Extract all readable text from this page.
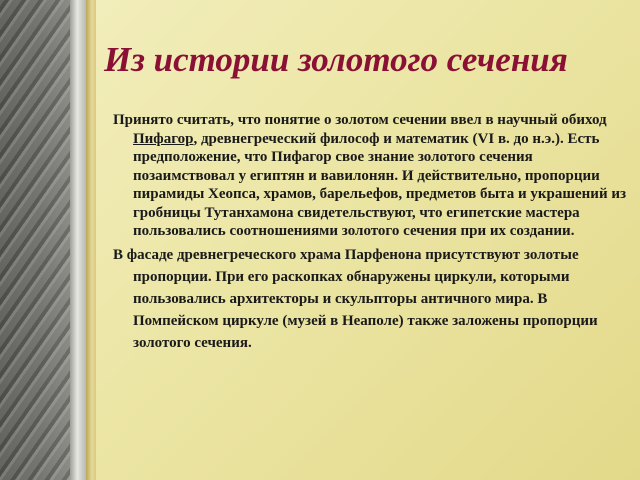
Из истории золотого сечения

Принято считать, что понятие о золотом сечении ввел в научный обиход Пифагор, древнегреческий философ и математик (VI в. до н.э.). Есть предположение, что Пифагор свое знание золотого сечения позаимствовал у египтян и вавилонян. И действительно, пропорции пирамиды Хеопса, храмов, барельефов, предметов быта и украшений из гробницы Тутанхамона свидетельствуют, что египетские мастера пользовались соотношениями золотого сечения при их создании.

В фасаде древнегреческого храма Парфенона присутствуют золотые пропорции. При его раскопках обнаружены циркули, которыми пользовались архитекторы и скульпторы античного мира. В Помпейском циркуле (музей в Неаполе) также заложены пропорции золотого сечения.
